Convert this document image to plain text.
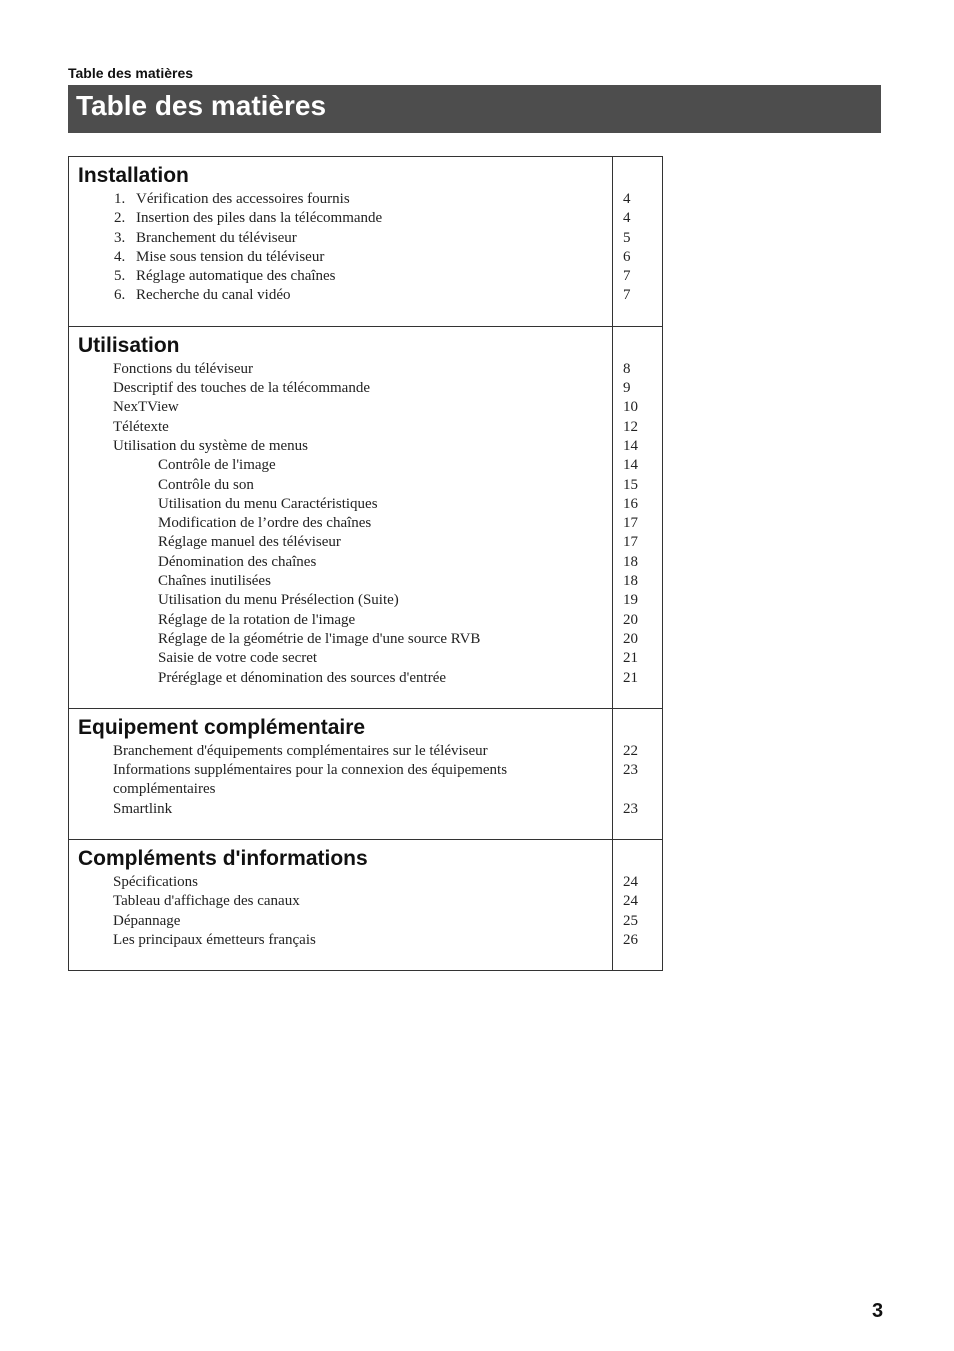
Table des matières
Table des matières
Installation
1. Vérification des accessoires fournis
2. Insertion des piles dans la télécommande
3. Branchement du téléviseur
4. Mise sous tension du téléviseur
5. Réglage automatique des chaînes
6. Recherche du canal vidéo
4
4
5
6
7
7
Utilisation
Fonctions du téléviseur
Descriptif des touches de la télécommande
NexTView
Télétexte
Utilisation du système de menus
Contrôle de l'image
Contrôle du son
Utilisation du menu Caractéristiques
Modification de l’ordre des chaînes
Réglage manuel des téléviseur
Dénomination des chaînes
Chaînes inutilisées
Utilisation du menu Présélection (Suite)
Réglage de la rotation de l'image
Réglage de la géométrie de l'image d'une source RVB
Saisie de votre code secret
Préréglage et dénomination des sources d'entrée
8
9
10
12
14
14
15
16
17
17
18
18
19
20
20
21
21
Equipement complémentaire
Branchement d'équipements complémentaires sur le téléviseur
Informations supplémentaires pour la connexion des équipements
complémentaires
Smartlink
22
23

23
Compléments d'informations
Spécifications
Tableau d'affichage des canaux
Dépannage
Les principaux émetteurs français
24
24
25
26
3
